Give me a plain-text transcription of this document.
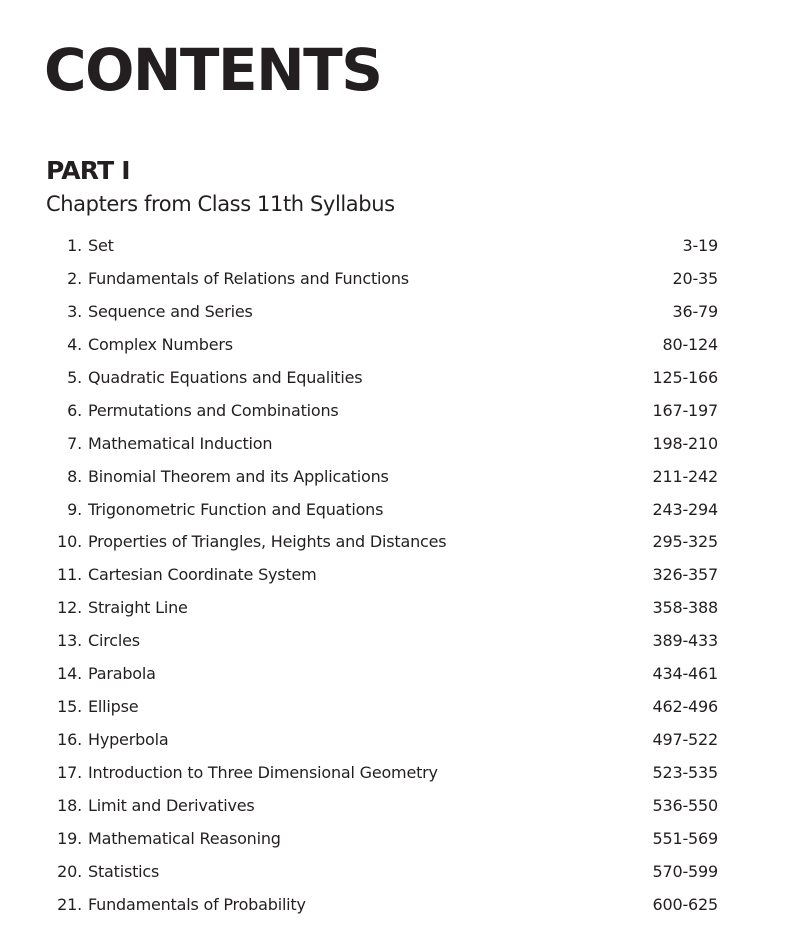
CONTENTS
PART I
Chapters from Class 11th Syllabus
1. Set	3-19
2. Fundamentals of Relations and Functions	20-35
3. Sequence and Series	36-79
4. Complex Numbers	80-124
5. Quadratic Equations and Equalities	125-166
6. Permutations and Combinations	167-197
7. Mathematical Induction	198-210
8. Binomial Theorem and its Applications	211-242
9. Trigonometric Function and Equations	243-294
10. Properties of Triangles, Heights and Distances	295-325
11. Cartesian Coordinate System	326-357
12. Straight Line	358-388
13. Circles	389-433
14. Parabola	434-461
15. Ellipse	462-496
16. Hyperbola	497-522
17. Introduction to Three Dimensional Geometry	523-535
18. Limit and Derivatives	536-550
19. Mathematical Reasoning	551-569
20. Statistics	570-599
21. Fundamentals of Probability	600-625
